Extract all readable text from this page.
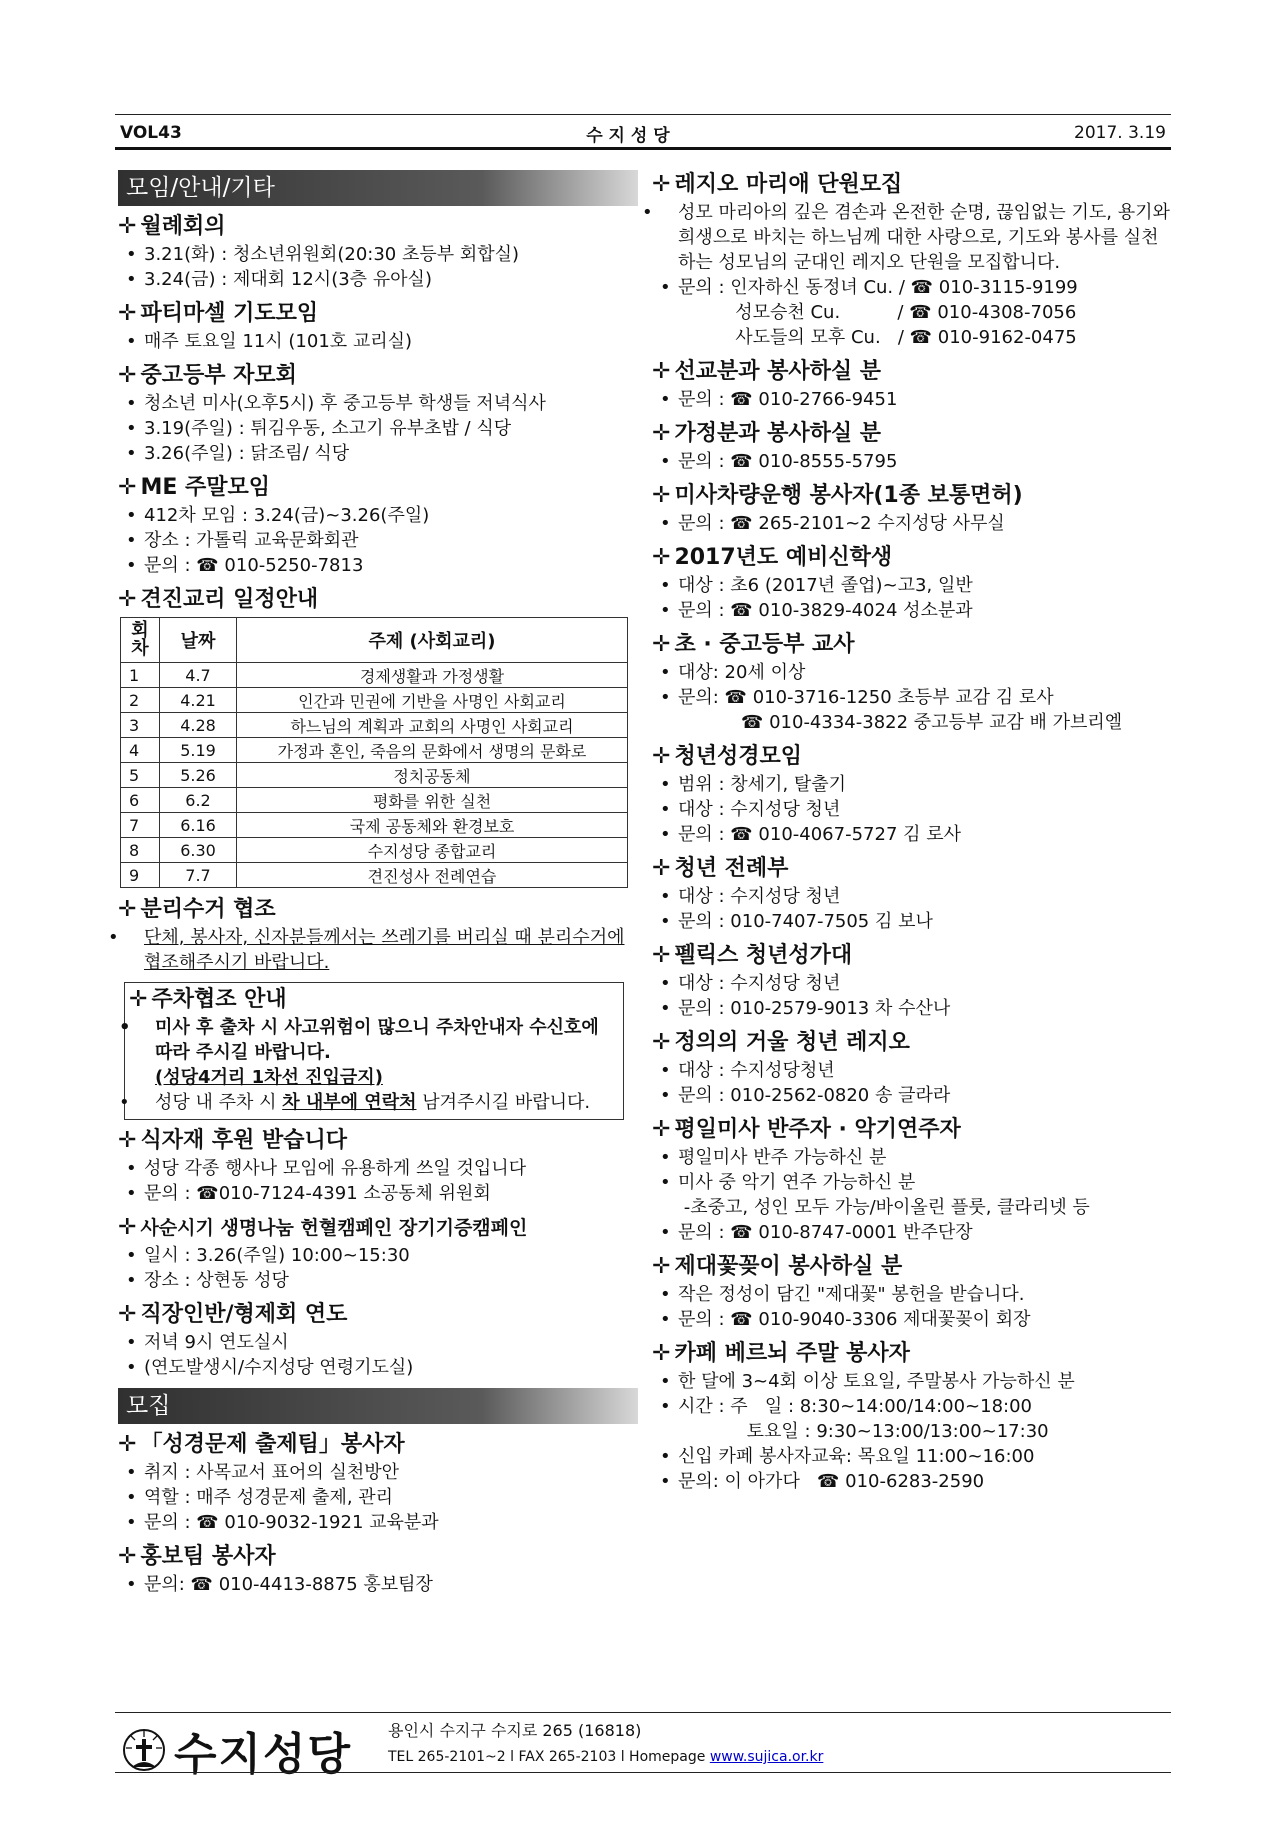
VOL43	수 지 성 당	2017. 3.19
모임/안내/기타
✛ 월례회의
• 3.21(화) : 청소년위원회(20:30 초등부 회합실)
• 3.24(금) : 제대회 12시(3층 유아실)
✛ 파티마셀 기도모임
• 매주 토요일 11시 (101호 교리실)
✛ 중고등부 자모회
• 청소년 미사(오후5시) 후 중고등부 학생들 저녁식사
• 3.19(주일) : 튀김우동, 소고기 유부초밥 / 식당
• 3.26(주일) : 닭조림/ 식당
✛ ME 주말모임
• 412차 모임 : 3.24(금)~3.26(주일)
• 장소 : 가톨릭 교육문화회관
• 문의 : ☎ 010-5250-7813
✛ 견진교리 일정안내
회
차	날짜	주제 (사회교리)
1	4.7	경제생활과 가정생활
2	4.21	인간과 민권에 기반을 사명인 사회교리
3	4.28	하느님의 계획과 교회의 사명인 사회교리
4	5.19	가정과 혼인, 죽음의 문화에서 생명의 문화로
5	5.26	정치공동체
6	6.2	평화를 위한 실천
7	6.16	국제 공동체와 환경보호
8	6.30	수지성당 종합교리
9	7.7	견진성사 전례연습
✛ 분리수거 협조
• 단체, 봉사자, 신자분들께서는 쓰레기를 버리실 때 분리수거에 협조해주시기 바랍니다.
✛ 주차협조 안내
• 미사 후 출차 시 사고위험이 많으니 주차안내자 수신호에 따라 주시길 바랍니다.
(성당4거리 1차선 진입금지)
• 성당 내 주차 시 차 내부에 연락처 남겨주시길 바랍니다.
✛ 식자재 후원 받습니다
• 성당 각종 행사나 모임에 유용하게 쓰일 것입니다
• 문의 : ☎010-7124-4391 소공동체 위원회
✛ 사순시기 생명나눔 헌혈캠페인 장기기증캠페인
• 일시 : 3.26(주일) 10:00~15:30
• 장소 : 상현동 성당
✛ 직장인반/형제회 연도
• 저녁 9시 연도실시
• (연도발생시/수지성당 연령기도실)
모집
✛ 「성경문제 출제팀」봉사자
• 취지 : 사목교서 표어의 실천방안
• 역할 : 매주 성경문제 출제, 관리
• 문의 : ☎ 010-9032-1921 교육분과
✛ 홍보팀 봉사자
• 문의: ☎ 010-4413-8875 홍보팀장
✛ 레지오 마리애 단원모집
• 성모 마리아의 깊은 겸손과 온전한 순명, 끊임없는 기도, 용기와 희생으로 바치는 하느님께 대한 사랑으로, 기도와 봉사를 실천하는 성모님의 군대인 레지오 단원을 모집합니다.
• 문의 : 인자하신 동정녀 Cu. / ☎ 010-3115-9199
성모승천 Cu.          / ☎ 010-4308-7056
사도들의 모후 Cu.   / ☎ 010-9162-0475
✛ 선교분과 봉사하실 분
• 문의 : ☎ 010-2766-9451
✛ 가정분과 봉사하실 분
• 문의 : ☎ 010-8555-5795
✛ 미사차량운행 봉사자(1종 보통면허)
• 문의 : ☎ 265-2101~2 수지성당 사무실
✛ 2017년도 예비신학생
• 대상 : 초6 (2017년 졸업)~고3, 일반
• 문의 : ☎ 010-3829-4024 성소분과
✛ 초 · 중고등부 교사
• 대상: 20세 이상
• 문의: ☎ 010-3716-1250 초등부 교감 김 로사
☎ 010-4334-3822 중고등부 교감 배 가브리엘
✛ 청년성경모임
• 범위 : 창세기, 탈출기
• 대상 : 수지성당 청년
• 문의 : ☎ 010-4067-5727 김 로사
✛ 청년 전례부
• 대상 : 수지성당 청년
• 문의 : 010-7407-7505 김 보나
✛ 펠릭스 청년성가대
• 대상 : 수지성당 청년
• 문의 : 010-2579-9013 차 수산나
✛ 정의의 거울 청년 레지오
• 대상 : 수지성당청년
• 문의 : 010-2562-0820 송 글라라
✛ 평일미사 반주자 · 악기연주자
• 평일미사 반주 가능하신 분
• 미사 중 악기 연주 가능하신 분
-초중고, 성인 모두 가능/바이올린 플룻, 클라리넷 등
• 문의 : ☎ 010-8747-0001 반주단장
✛ 제대꽃꽂이 봉사하실 분
• 작은 정성이 담긴 "제대꽃" 봉헌을 받습니다.
• 문의 : ☎ 010-9040-3306 제대꽃꽂이 회장
✛ 카페 베르뇌 주말 봉사자
• 한 달에 3~4회 이상 토요일, 주말봉사 가능하신 분
• 시간 : 주   일 : 8:30~14:00/14:00~18:00
토요일 : 9:30~13:00/13:00~17:30
• 신입 카페 봉사자교육: 목요일 11:00~16:00
• 문의: 이 아가다   ☎ 010-6283-2590
수지성당 용인시 수지구 수지로 265 (16818)
TEL 265-2101~2 l FAX 265-2103 l Homepage www.sujica.or.kr
